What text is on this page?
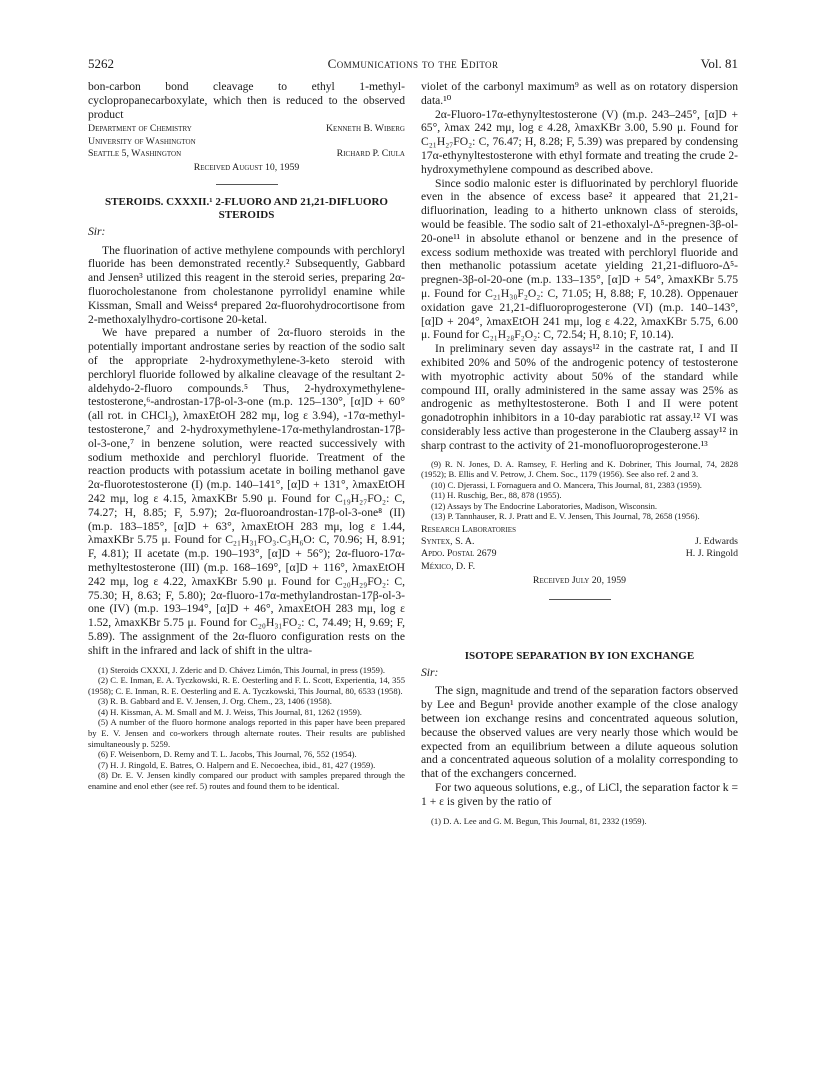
5262	Communications to the Editor	Vol. 81

bon-carbon bond cleavage to ethyl 1-methyl-cyclopropanecarboxylate, which then is reduced to the observed product

Department of Chemistry	Kenneth B. Wiberg
University of Washington
Seattle 5, Washington	Richard P. Ciula
Received August 10, 1959
STEROIDS. CXXXII.¹ 2-FLUORO AND 21,21-DIFLUORO STEROIDS
Sir:

The fluorination of active methylene compounds with perchloryl fluoride has been demonstrated recently.² Subsequently, Gabbard and Jensen³ utilized this reagent in the steroid series, preparing 2α-fluorocholestanone from cholestanone pyrrolidyl enamine while Kissman, Small and Weiss⁴ prepared 2α-fluorohydrocortisone from 2-methoxalylhydro-cortisone 20-ketal.

We have prepared a number of 2α-fluoro steroids in the potentially important androstane series by reaction of the sodio salt of the appropriate 2-hydroxymethylene-3-keto steroid with perchloryl fluoride followed by alkaline cleavage of the resultant 2-aldehydo-2-fluoro compounds.⁵ Thus, 2-hydroxymethylene-testosterone,⁶-androstan-17β-ol-3-one (m.p. 125–130°, [α]D + 60° (all rot. in CHCl₃), λmaxEtOH 282 mμ, log ε 3.94), -17α-methyl-testosterone,⁷ and 2-hydroxymethylene-17α-methylandrostan-17β-ol-3-one,⁷ in benzene solution, were reacted successively with sodium methoxide and perchloryl fluoride. Treatment of the reaction products with potassium acetate in boiling methanol gave 2α-fluorotestosterone (I) (m.p. 140–141°, [α]D + 131°, λmaxEtOH 242 mμ, log ε 4.15, λmaxKBr 5.90 μ. Found for C₁₉H₂₇FO₂: C, 74.27; H, 8.85; F, 5.97); 2α-fluoroandrostan-17β-ol-3-one⁸ (II) (m.p. 183–185°, [α]D + 63°, λmaxEtOH 283 mμ, log ε 1.44, λmaxKBr 5.75 μ. Found for C₂₁H₃₁FO₃.C₃H₆O: C, 70.96; H, 8.91; F, 4.81); II acetate (m.p. 190–193°, [α]D + 56°); 2α-fluoro-17α-methyltestosterone (III) (m.p. 168–169°, [α]D + 116°, λmaxEtOH 242 mμ, log ε 4.22, λmaxKBr 5.90 μ. Found for C₂₀H₂₉FO₂: C, 75.30; H, 8.63; F, 5.80); 2α-fluoro-17α-methylandrostan-17β-ol-3-one (IV) (m.p. 193–194°, [α]D + 46°, λmaxEtOH 283 mμ, log ε 1.52, λmaxKBr 5.75 μ. Found for C₂₀H₃₁FO₂: C, 74.49; H, 9.69; F, 5.89). The assignment of the 2α-fluoro configuration rests on the shift in the infrared and lack of shift in the ultra-

(1) Steroids CXXXI, J. Zderic and D. Chávez Limón, This Journal, in press (1959).

(2) C. E. Inman, E. A. Tyczkowski, R. E. Oesterling and F. L. Scott, Experientia, 14, 355 (1958); C. E. Inman, R. E. Oesterling and E. A. Tyczkowski, This Journal, 80, 6533 (1958).

(3) R. B. Gabbard and E. V. Jensen, J. Org. Chem., 23, 1406 (1958).

(4) H. Kissman, A. M. Small and M. J. Weiss, This Journal, 81, 1262 (1959).

(5) A number of the fluoro hormone analogs reported in this paper have been prepared by E. V. Jensen and co-workers through alternate routes. Their results are published simultaneously p. 5259.

(6) F. Weisenborn, D. Remy and T. L. Jacobs, This Journal, 76, 552 (1954).

(7) H. J. Ringold, E. Batres, O. Halpern and E. Necoechea, ibid., 81, 427 (1959).

(8) Dr. E. V. Jensen kindly compared our product with samples prepared through the enamine and enol ether (see ref. 5) routes and found them to be identical.

violet of the carbonyl maximum⁹ as well as on rotatory dispersion data.¹⁰

2α-Fluoro-17α-ethynyltestosterone (V) (m.p. 243–245°, [α]D + 65°, λmax 242 mμ, log ε 4.28, λmaxKBr 3.00, 5.90 μ. Found for C₂₁H₂₇FO₂: C, 76.47; H, 8.28; F, 5.39) was prepared by condensing 17α-ethynyltestosterone with ethyl formate and treating the crude 2-hydroxymethylene compound as described above.

Since sodio malonic ester is difluorinated by perchloryl fluoride even in the absence of excess base² it appeared that 21,21-difluorination, leading to a hitherto unknown class of steroids, would be feasible. The sodio salt of 21-ethoxalyl-Δ⁵-pregnen-3β-ol-20-one¹¹ in absolute ethanol or benzene and in the presence of excess sodium methoxide was treated with perchloryl fluoride and then methanolic potassium acetate yielding 21,21-difluoro-Δ⁵-pregnen-3β-ol-20-one (m.p. 133–135°, [α]D + 54°, λmaxKBr 5.75 μ. Found for C₂₁H₃₀F₂O₂: C, 71.05; H, 8.88; F, 10.28). Oppenauer oxidation gave 21,21-difluoroprogesterone (VI) (m.p. 140–143°, [α]D + 204°, λmaxEtOH 241 mμ, log ε 4.22, λmaxKBr 5.75, 6.00 μ. Found for C₂₁H₂₈F₂O₂: C, 72.54; H, 8.10; F, 10.14).

In preliminary seven day assays¹² in the castrate rat, I and II exhibited 20% and 50% of the androgenic potency of testosterone with myotrophic activity about 50% of the standard while compound III, orally administered in the same assay was 25% as androgenic as methyltestosterone. Both I and II were potent gonadotrophin inhibitors in a 10-day parabiotic rat assay.¹² VI was considerably less active than progesterone in the Clauberg assay¹² in sharp contrast to the activity of 21-monofluoroprogesterone.¹³

(9) R. N. Jones, D. A. Ramsey, F. Herling and K. Dobriner, This Journal, 74, 2828 (1952); B. Ellis and V. Petrow, J. Chem. Soc., 1179 (1956). See also ref. 2 and 3.

(10) C. Djerassi, I. Fornaguera and O. Mancera, This Journal, 81, 2383 (1959).

(11) H. Ruschig, Ber., 88, 878 (1955).

(12) Assays by The Endocrine Laboratories, Madison, Wisconsin.

(13) P. Tannhauser, R. J. Pratt and E. V. Jensen, This Journal, 78, 2658 (1956).

Research Laboratories
Syntex, S. A.	J. Edwards
Apdo. Postal 2679	H. J. Ringold
México, D. F.
Received July 20, 1959
ISOTOPE SEPARATION BY ION EXCHANGE
Sir:

The sign, magnitude and trend of the separation factors observed by Lee and Begun¹ provide another example of the close analogy between ion exchange resins and concentrated aqueous solution, because the observed values are very nearly those which would be expected from an equilibrium between a dilute aqueous solution and a concentrated aqueous solution of a molality corresponding to that of the exchangers concerned.

For two aqueous solutions, e.g., of LiCl, the separation factor k = 1 + ε is given by the ratio of

(1) D. A. Lee and G. M. Begun, This Journal, 81, 2332 (1959).
